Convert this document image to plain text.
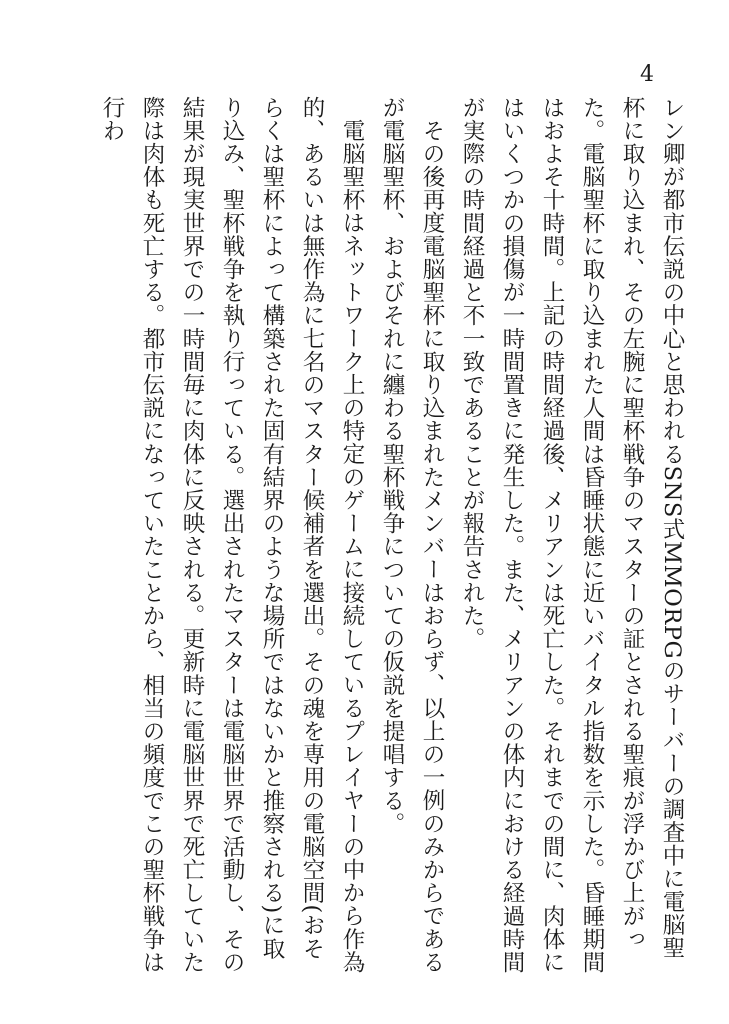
4

レン卿が都市伝説の中心と思われるSNS式MMORPGのサーバーの調査中に電脳聖杯に取り込まれ、その左腕に聖杯戦争のマスターの証とされる聖痕が浮かび上がった。電脳聖杯に取り込まれた人間は昏睡状態に近いバイタル指数を示した。昏睡期間はおよそ十時間。上記の時間経過後、メリアンは死亡した。それまでの間に、肉体にはいくつかの損傷が一時間置きに発生した。また、メリアンの体内における経過時間が実際の時間経過と不一致であることが報告された。

その後再度電脳聖杯に取り込まれたメンバーはおらず、以上の一例のみからであるが電脳聖杯、およびそれに纏わる聖杯戦争についての仮説を提唱する。

電脳聖杯はネットワーク上の特定のゲームに接続しているプレイヤーの中から作為的、あるいは無作為に七名のマスター候補者を選出。その魂を専用の電脳空間(おそらくは聖杯によって構築された固有結界のような場所ではないかと推察される)に取り込み、聖杯戦争を執り行っている。選出されたマスターは電脳世界で活動し、その結果が現実世界での一時間毎に肉体に反映される。更新時に電脳世界で死亡していた際は肉体も死亡する。都市伝説になっていたことから、相当の頻度でこの聖杯戦争は行わ
